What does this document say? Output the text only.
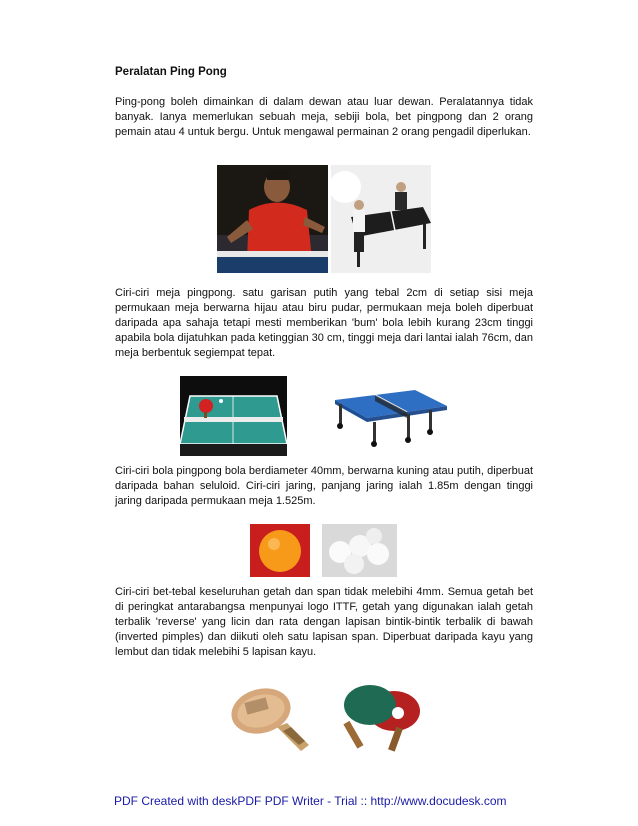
Peralatan Ping Pong

Ping-pong boleh dimainkan di dalam dewan atau luar dewan. Peralatannya tidak banyak. Ianya memerlukan sebuah meja, sebiji bola, bet pingpong dan 2 orang pemain atau 4 untuk bergu. Untuk mengawal permainan 2 orang pengadil diperlukan.

Ciri-ciri meja pingpong. satu garisan putih yang tebal 2cm di setiap sisi meja permukaan meja berwarna hijau atau biru pudar, permukaan meja boleh diperbuat daripada apa sahaja tetapi mesti memberikan 'bum' bola lebih kurang 23cm tinggi apabila bola dijatuhkan pada ketinggian 30 cm, tinggi meja dari lantai ialah 76cm, dan meja berbentuk segiempat tepat.

Ciri-ciri bola pingpong bola berdiameter 40mm, berwarna kuning atau putih, diperbuat daripada bahan seluloid. Ciri-ciri jaring, panjang jaring ialah 1.85m dengan tinggi jaring daripada permukaan meja 1.525m.

Ciri-ciri bet-tebal keseluruhan getah dan span tidak melebihi 4mm. Semua getah bet di peringkat antarabangsa menpunyai logo ITTF, getah yang digunakan ialah getah terbalik 'reverse' yang licin dan rata dengan lapisan bintik-bintik terbalik di bawah (inverted pimples) dan diikuti oleh satu lapisan span. Diperbuat daripada kayu yang lembut dan tidak melebihi 5 lapisan kayu.

PDF Created with deskPDF PDF Writer - Trial :: http://www.docudesk.com
